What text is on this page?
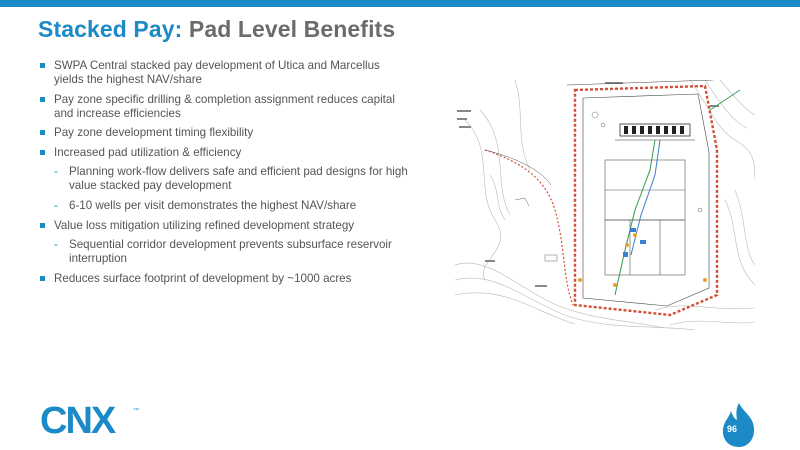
Stacked Pay: Pad Level Benefits
SWPA Central stacked pay development of Utica and Marcellus yields the highest NAV/share
Pay zone specific drilling & completion assignment reduces capital and increase efficiencies
Pay zone development timing flexibility
Increased pad utilization & efficiency
- Planning work-flow delivers safe and efficient pad designs for high value stacked pay development
- 6-10 wells per visit demonstrates the highest NAV/share
Value loss mitigation utilizing refined development strategy
- Sequential corridor development prevents subsurface reservoir interruption
Reduces surface footprint of development by ~1000 acres
CNX	™
96
